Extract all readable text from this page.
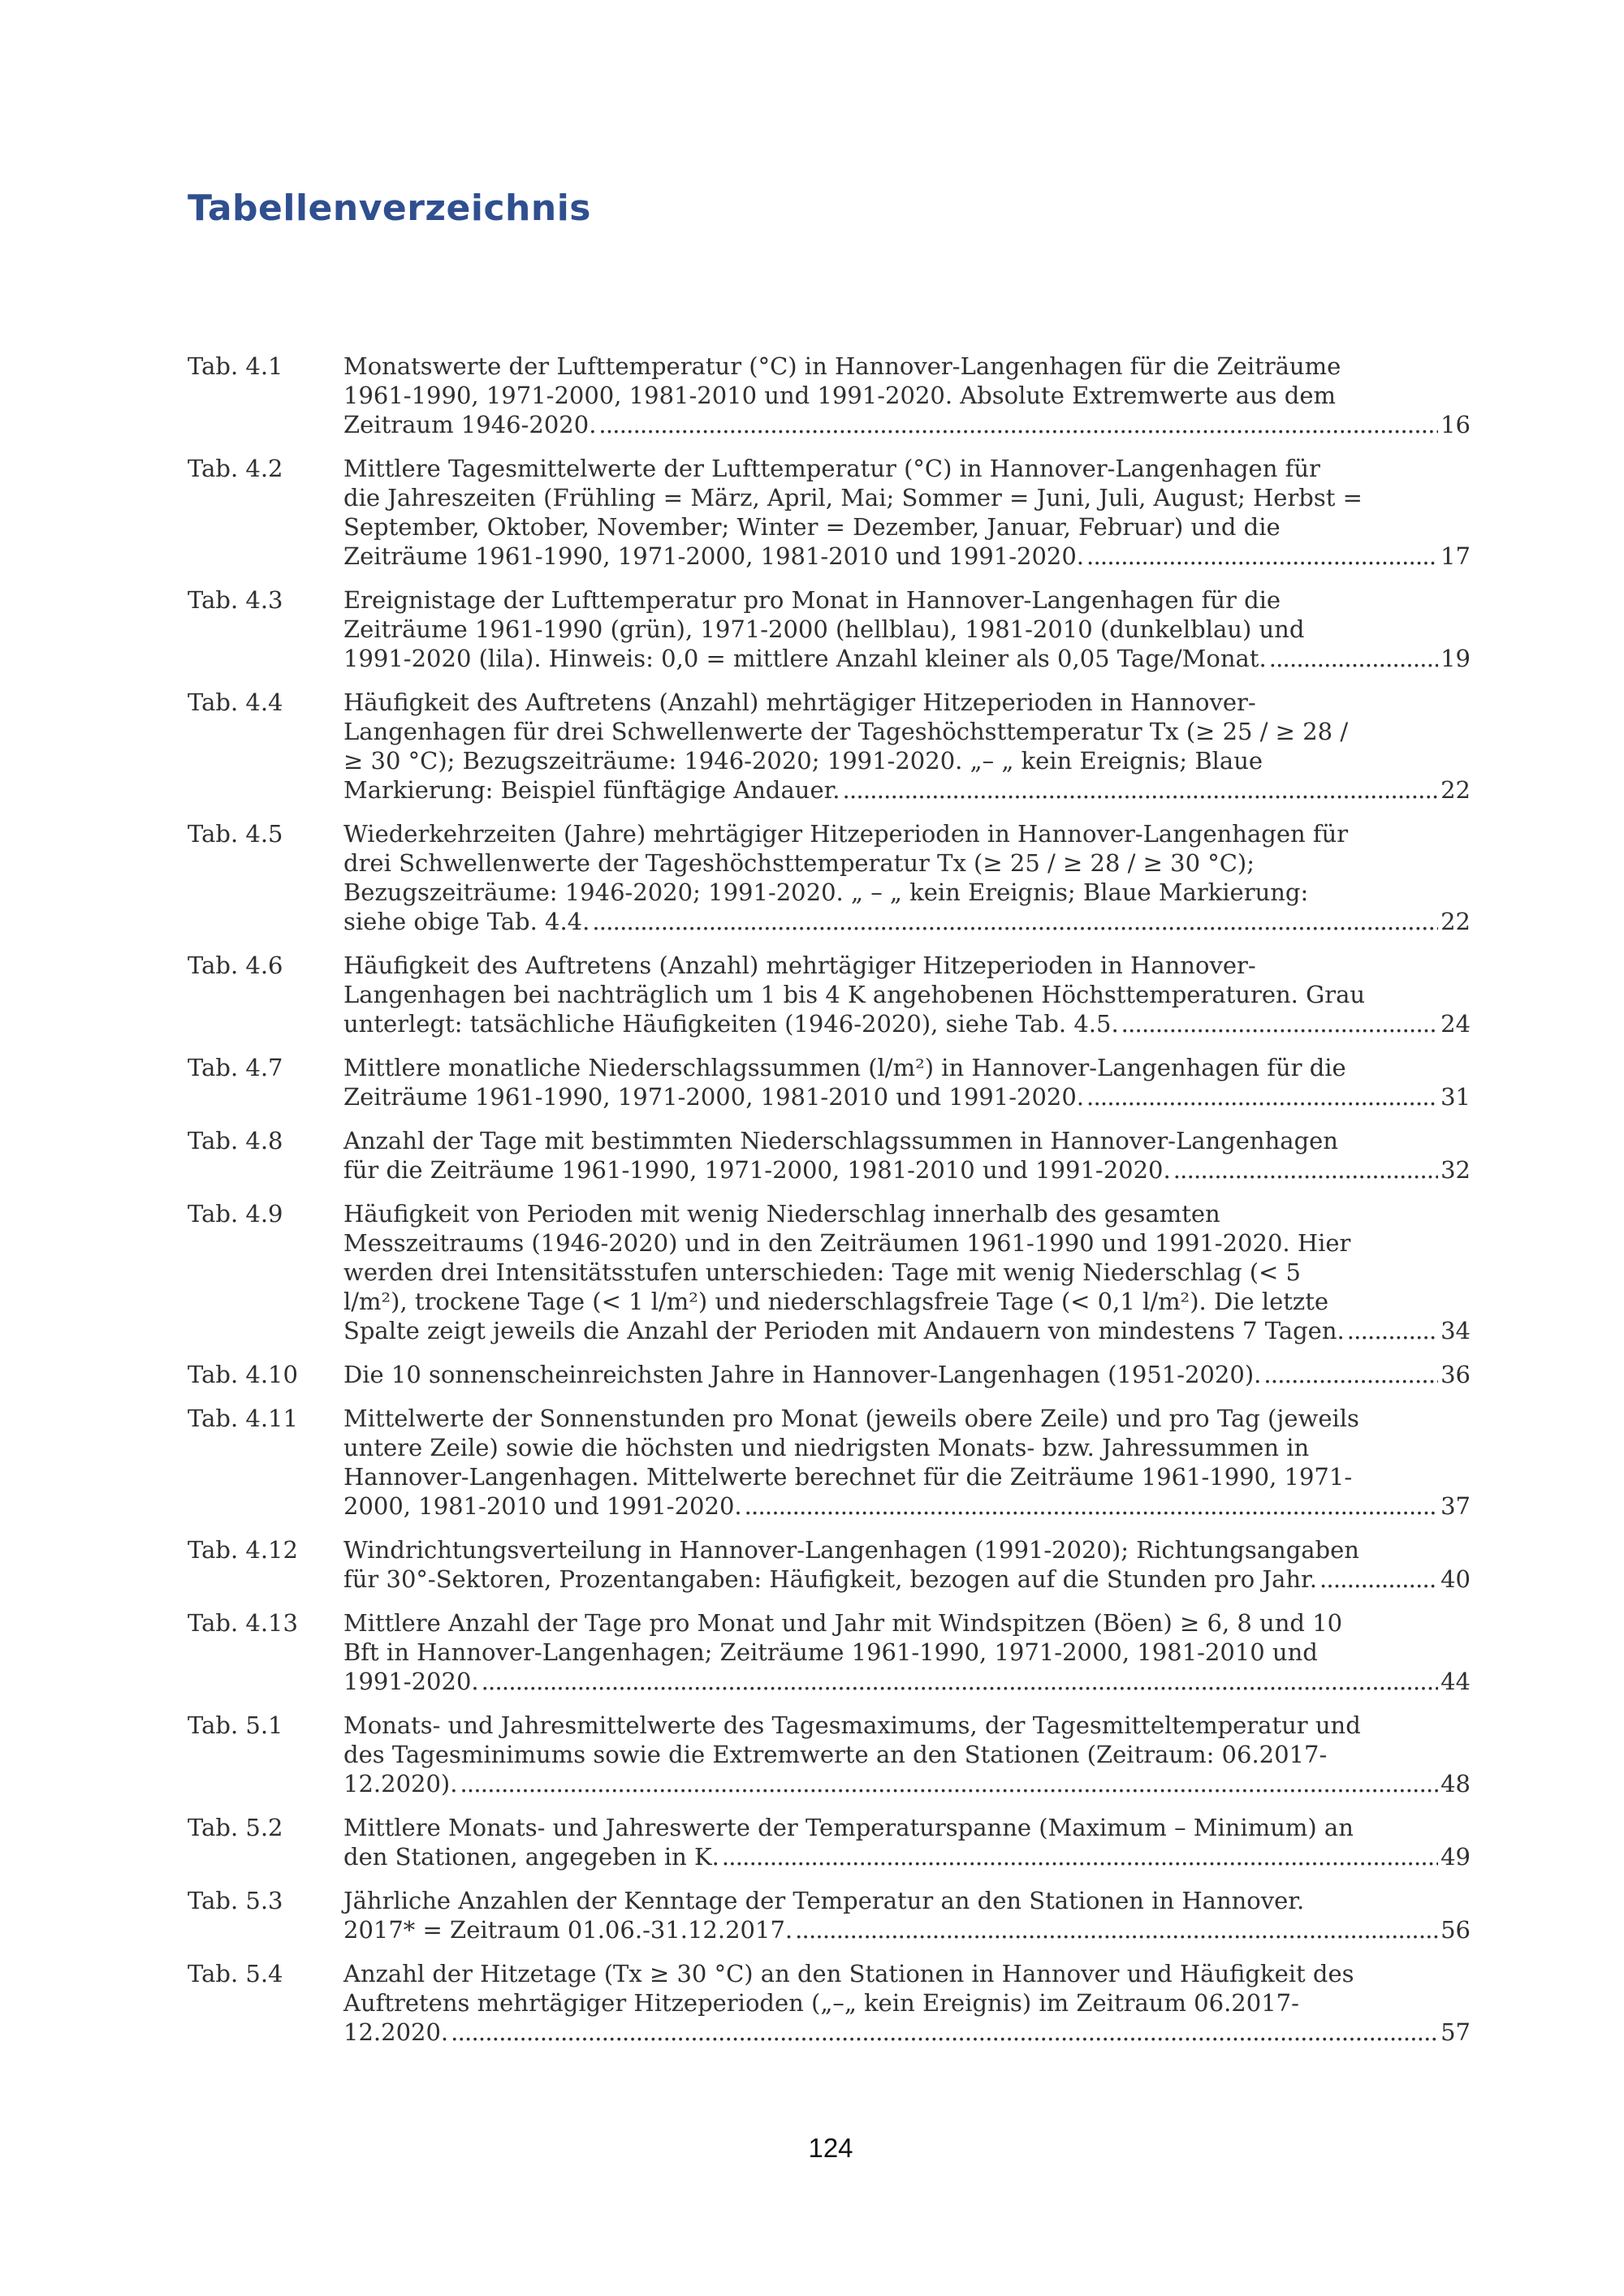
Tabellenverzeichnis
Tab. 4.1	Monatswerte der Lufttemperatur (°C) in Hannover-Langenhagen für die Zeiträume
1961-1990, 1971-2000, 1981-2010 und 1991-2020. Absolute Extremwerte aus dem
Zeitraum 1946-2020. . . .	16
Tab. 4.2	Mittlere Tagesmittelwerte der Lufttemperatur (°C) in Hannover-Langenhagen für
die Jahreszeiten (Frühling = März, April, Mai; Sommer = Juni, Juli, August; Herbst =
September, Oktober, November; Winter = Dezember, Januar, Februar) und die
Zeiträume 1961-1990, 1971-2000, 1981-2010 und 1991-2020. . . .	17
Tab. 4.3	Ereignistage der Lufttemperatur pro Monat in Hannover-Langenhagen für die
Zeiträume 1961-1990 (grün), 1971-2000 (hellblau), 1981-2010 (dunkelblau) und
1991-2020 (lila). Hinweis: 0,0 = mittlere Anzahl kleiner als 0,05 Tage/Monat. . . .	19
Tab. 4.4	Häufigkeit des Auftretens (Anzahl) mehrtägiger Hitzeperioden in Hannover-
Langenhagen für drei Schwellenwerte der Tageshöchsttemperatur Tx (≥ 25 / ≥ 28 /
≥ 30 °C); Bezugszeiträume: 1946-2020; 1991-2020. „– „ kein Ereignis; Blaue
Markierung: Beispiel fünftägige Andauer. . . .	22
Tab. 4.5	Wiederkehrzeiten (Jahre) mehrtägiger Hitzeperioden in Hannover-Langenhagen für
drei Schwellenwerte der Tageshöchsttemperatur Tx (≥ 25 / ≥ 28 / ≥ 30 °C);
Bezugszeiträume: 1946-2020; 1991-2020. „ – „ kein Ereignis; Blaue Markierung:
siehe obige Tab. 4.4. . . .	22
Tab. 4.6	Häufigkeit des Auftretens (Anzahl) mehrtägiger Hitzeperioden in Hannover-
Langenhagen bei nachträglich um 1 bis 4 K angehobenen Höchsttemperaturen. Grau
unterlegt: tatsächliche Häufigkeiten (1946-2020), siehe Tab. 4.5. . . .	24
Tab. 4.7	Mittlere monatliche Niederschlagssummen (l/m²) in Hannover-Langenhagen für die
Zeiträume 1961-1990, 1971-2000, 1981-2010 und 1991-2020. . . .	31
Tab. 4.8	Anzahl der Tage mit bestimmten Niederschlagssummen in Hannover-Langenhagen
für die Zeiträume 1961-1990, 1971-2000, 1981-2010 und 1991-2020. . . .	32
Tab. 4.9	Häufigkeit von Perioden mit wenig Niederschlag innerhalb des gesamten
Messzeitraums (1946-2020) und in den Zeiträumen 1961-1990 und 1991-2020. Hier
werden drei Intensitätsstufen unterschieden: Tage mit wenig Niederschlag (< 5
l/m²), trockene Tage (< 1 l/m²) und niederschlagsfreie Tage (< 0,1 l/m²). Die letzte
Spalte zeigt jeweils die Anzahl der Perioden mit Andauern von mindestens 7 Tagen. . . .	34
Tab. 4.10	Die 10 sonnenscheinreichsten Jahre in Hannover-Langenhagen (1951-2020). . . .	36
Tab. 4.11	Mittelwerte der Sonnenstunden pro Monat (jeweils obere Zeile) und pro Tag (jeweils
untere Zeile) sowie die höchsten und niedrigsten Monats- bzw. Jahressummen in
Hannover-Langenhagen. Mittelwerte berechnet für die Zeiträume 1961-1990, 1971-
2000, 1981-2010 und 1991-2020. . . .	37
Tab. 4.12	Windrichtungsverteilung in Hannover-Langenhagen (1991-2020); Richtungsangaben
für 30°-Sektoren, Prozentangaben: Häufigkeit, bezogen auf die Stunden pro Jahr. . . .	40
Tab. 4.13	Mittlere Anzahl der Tage pro Monat und Jahr mit Windspitzen (Böen) ≥ 6, 8 und 10
Bft in Hannover-Langenhagen; Zeiträume 1961-1990, 1971-2000, 1981-2010 und
1991-2020. . . .	44
Tab. 5.1	Monats- und Jahresmittelwerte des Tagesmaximums, der Tagesmitteltemperatur und
des Tagesminimums sowie die Extremwerte an den Stationen (Zeitraum: 06.2017-
12.2020). . . .	48
Tab. 5.2	Mittlere Monats- und Jahreswerte der Temperaturspanne (Maximum – Minimum) an
den Stationen, angegeben in K. . . .	49
Tab. 5.3	Jährliche Anzahlen der Kenntage der Temperatur an den Stationen in Hannover.
2017* = Zeitraum 01.06.-31.12.2017. . . .	56
Tab. 5.4	Anzahl der Hitzetage (Tx ≥ 30 °C) an den Stationen in Hannover und Häufigkeit des
Auftretens mehrtägiger Hitzeperioden („–„ kein Ereignis) im Zeitraum 06.2017-
12.2020. . . .	57
124
